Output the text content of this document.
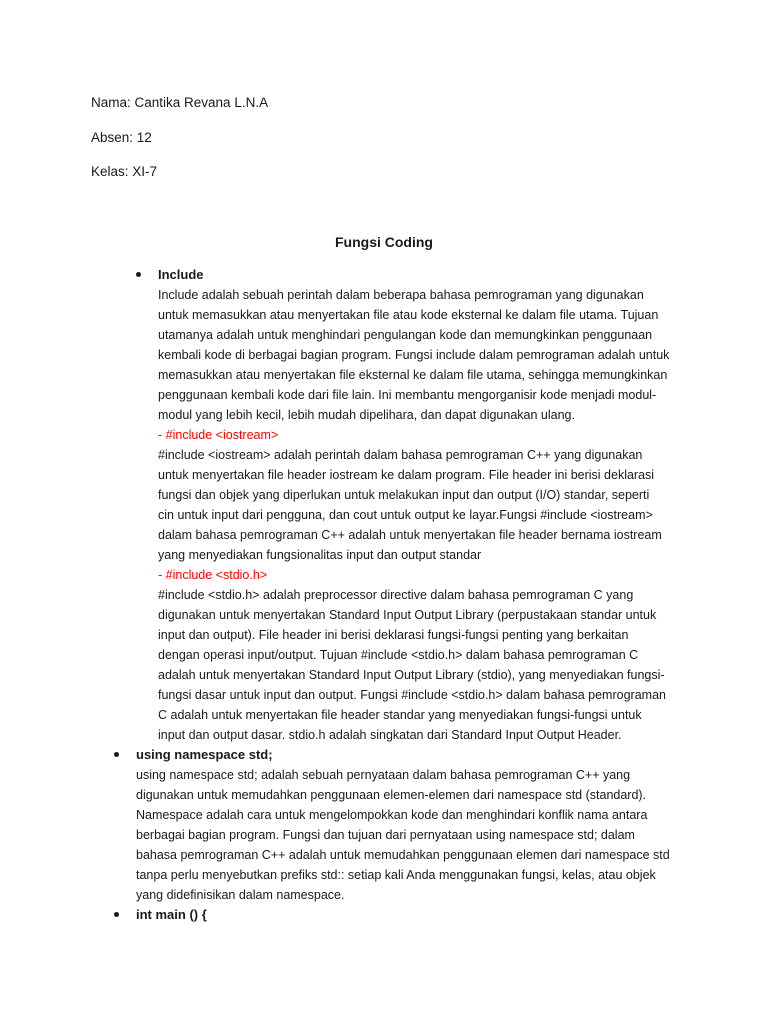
Nama: Cantika Revana L.N.A
Absen: 12
Kelas: XI-7
Fungsi Coding
Include
Include adalah sebuah perintah dalam beberapa bahasa pemrograman yang digunakan
untuk memasukkan atau menyertakan file atau kode eksternal ke dalam file utama. Tujuan
utamanya adalah untuk menghindari pengulangan kode dan memungkinkan penggunaan
kembali kode di berbagai bagian program. Fungsi include dalam pemrograman adalah untuk
memasukkan atau menyertakan file eksternal ke dalam file utama, sehingga memungkinkan
penggunaan kembali kode dari file lain. Ini membantu mengorganisir kode menjadi modul-
modul yang lebih kecil, lebih mudah dipelihara, dan dapat digunakan ulang.
- #include <iostream>
#include <iostream> adalah perintah dalam bahasa pemrograman C++ yang digunakan
untuk menyertakan file header iostream ke dalam program. File header ini berisi deklarasi
fungsi dan objek yang diperlukan untuk melakukan input dan output (I/O) standar, seperti
cin untuk input dari pengguna, dan cout untuk output ke layar.Fungsi #include <iostream>
dalam bahasa pemrograman C++ adalah untuk menyertakan file header bernama iostream
yang menyediakan fungsionalitas input dan output standar
- #include <stdio.h>
#include <stdio.h> adalah preprocessor directive dalam bahasa pemrograman C yang
digunakan untuk menyertakan Standard Input Output Library (perpustakaan standar untuk
input dan output). File header ini berisi deklarasi fungsi-fungsi penting yang berkaitan
dengan operasi input/output. Tujuan #include <stdio.h> dalam bahasa pemrograman C
adalah untuk menyertakan Standard Input Output Library (stdio), yang menyediakan fungsi-
fungsi dasar untuk input dan output. Fungsi #include <stdio.h> dalam bahasa pemrograman
C adalah untuk menyertakan file header standar yang menyediakan fungsi-fungsi untuk
input dan output dasar. stdio.h adalah singkatan dari Standard Input Output Header.
using namespace std;
using namespace std; adalah sebuah pernyataan dalam bahasa pemrograman C++ yang
digunakan untuk memudahkan penggunaan elemen-elemen dari namespace std (standard).
Namespace adalah cara untuk mengelompokkan kode dan menghindari konflik nama antara
berbagai bagian program. Fungsi dan tujuan dari pernyataan using namespace std; dalam
bahasa pemrograman C++ adalah untuk memudahkan penggunaan elemen dari namespace std
tanpa perlu menyebutkan prefiks std:: setiap kali Anda menggunakan fungsi, kelas, atau objek
yang didefinisikan dalam namespace.
int main () {
